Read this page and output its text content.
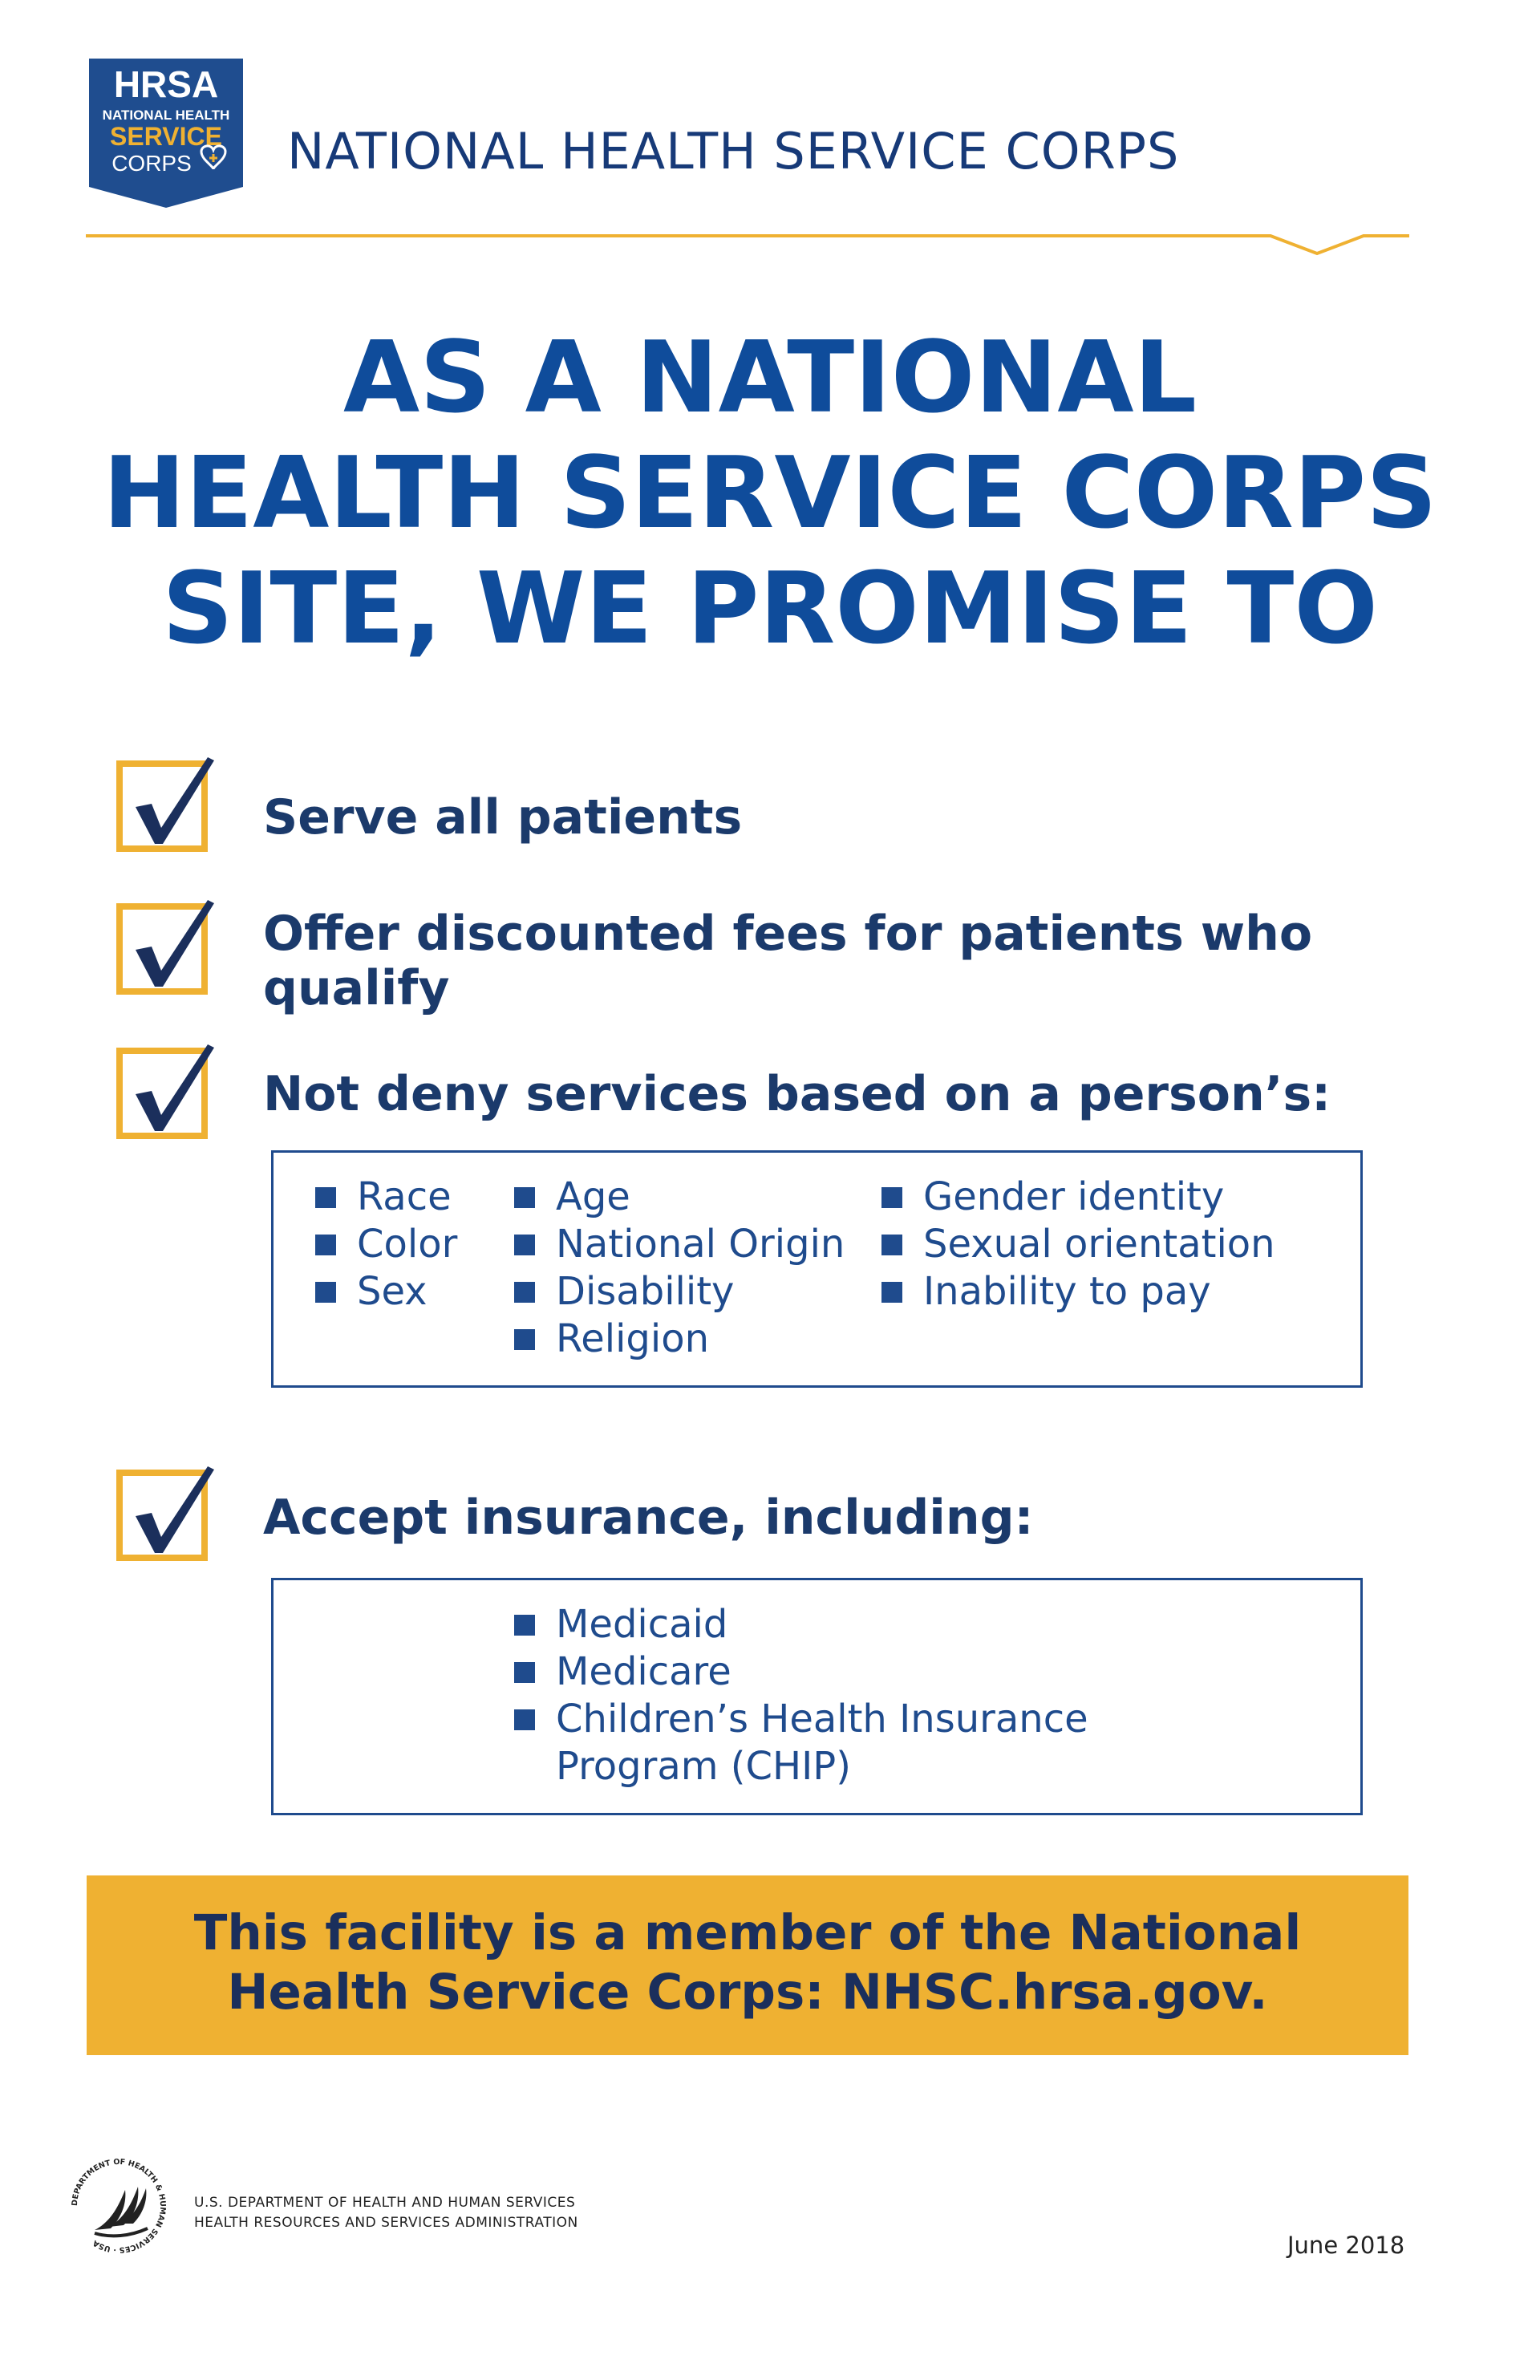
HRSA
NATIONAL HEALTH
SERVICE
CORPS NATIONAL HEALTH SERVICE CORPS
AS A NATIONAL
HEALTH SERVICE CORPS
SITE, WE PROMISE TO
Serve all patients
Offer discounted fees for patients who
qualify
Not deny services based on a person’s:
Race
Color
Sex
Age
National Origin
Disability
Religion
Gender identity
Sexual orientation
Inability to pay
Accept insurance, including:
Medicaid
Medicare
Children’s Health Insurance
Program (CHIP)
This facility is a member of the National
Health Service Corps: NHSC.hrsa.gov.
DEPARTMENT OF HEALTH & HUMAN SERVICES · USA
U.S. DEPARTMENT OF HEALTH AND HUMAN SERVICES
HEALTH RESOURCES AND SERVICES ADMINISTRATION
June 2018
